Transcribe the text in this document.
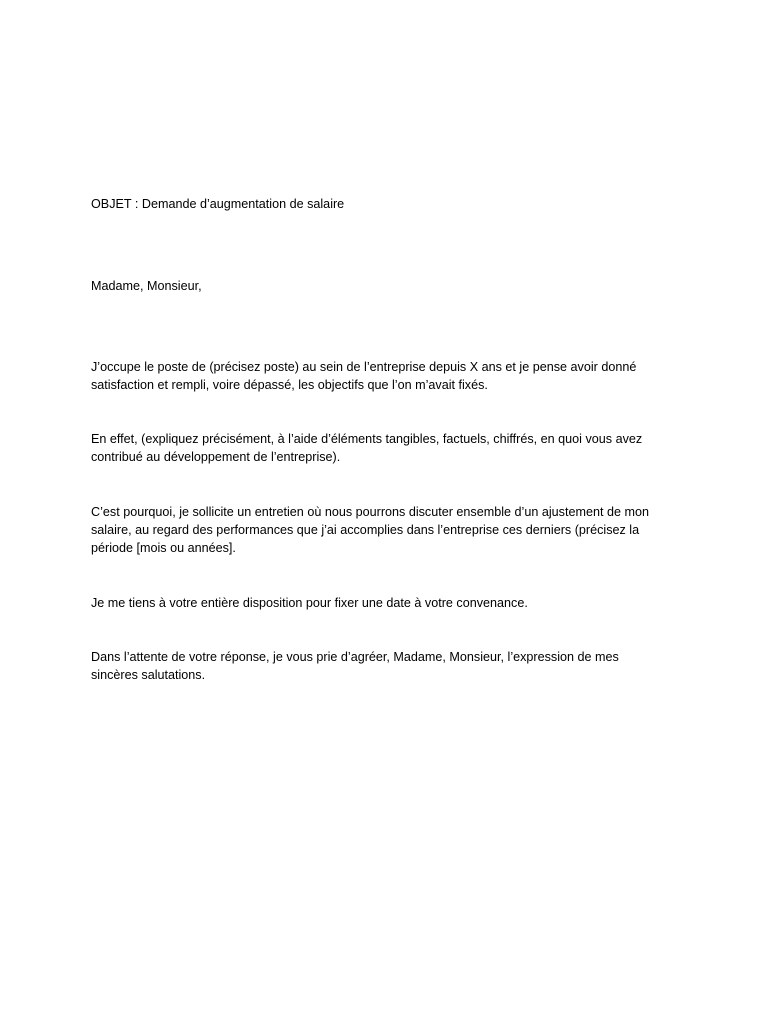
OBJET : Demande d’augmentation de salaire

Madame, Monsieur,

J’occupe le poste de (précisez poste) au sein de l’entreprise depuis X ans et je pense avoir donné
satisfaction et rempli, voire dépassé, les objectifs que l’on m’avait fixés.

En effet, (expliquez précisément, à l’aide d’éléments tangibles, factuels, chiffrés, en quoi vous avez
contribué au développement de l’entreprise).

C’est pourquoi, je sollicite un entretien où nous pourrons discuter ensemble d’un ajustement de mon
salaire, au regard des performances que j’ai accomplies dans l’entreprise ces derniers (précisez la
période [mois ou années].

Je me tiens à votre entière disposition pour fixer une date à votre convenance.

Dans l’attente de votre réponse, je vous prie d’agréer, Madame, Monsieur, l’expression de mes
sincères salutations.
